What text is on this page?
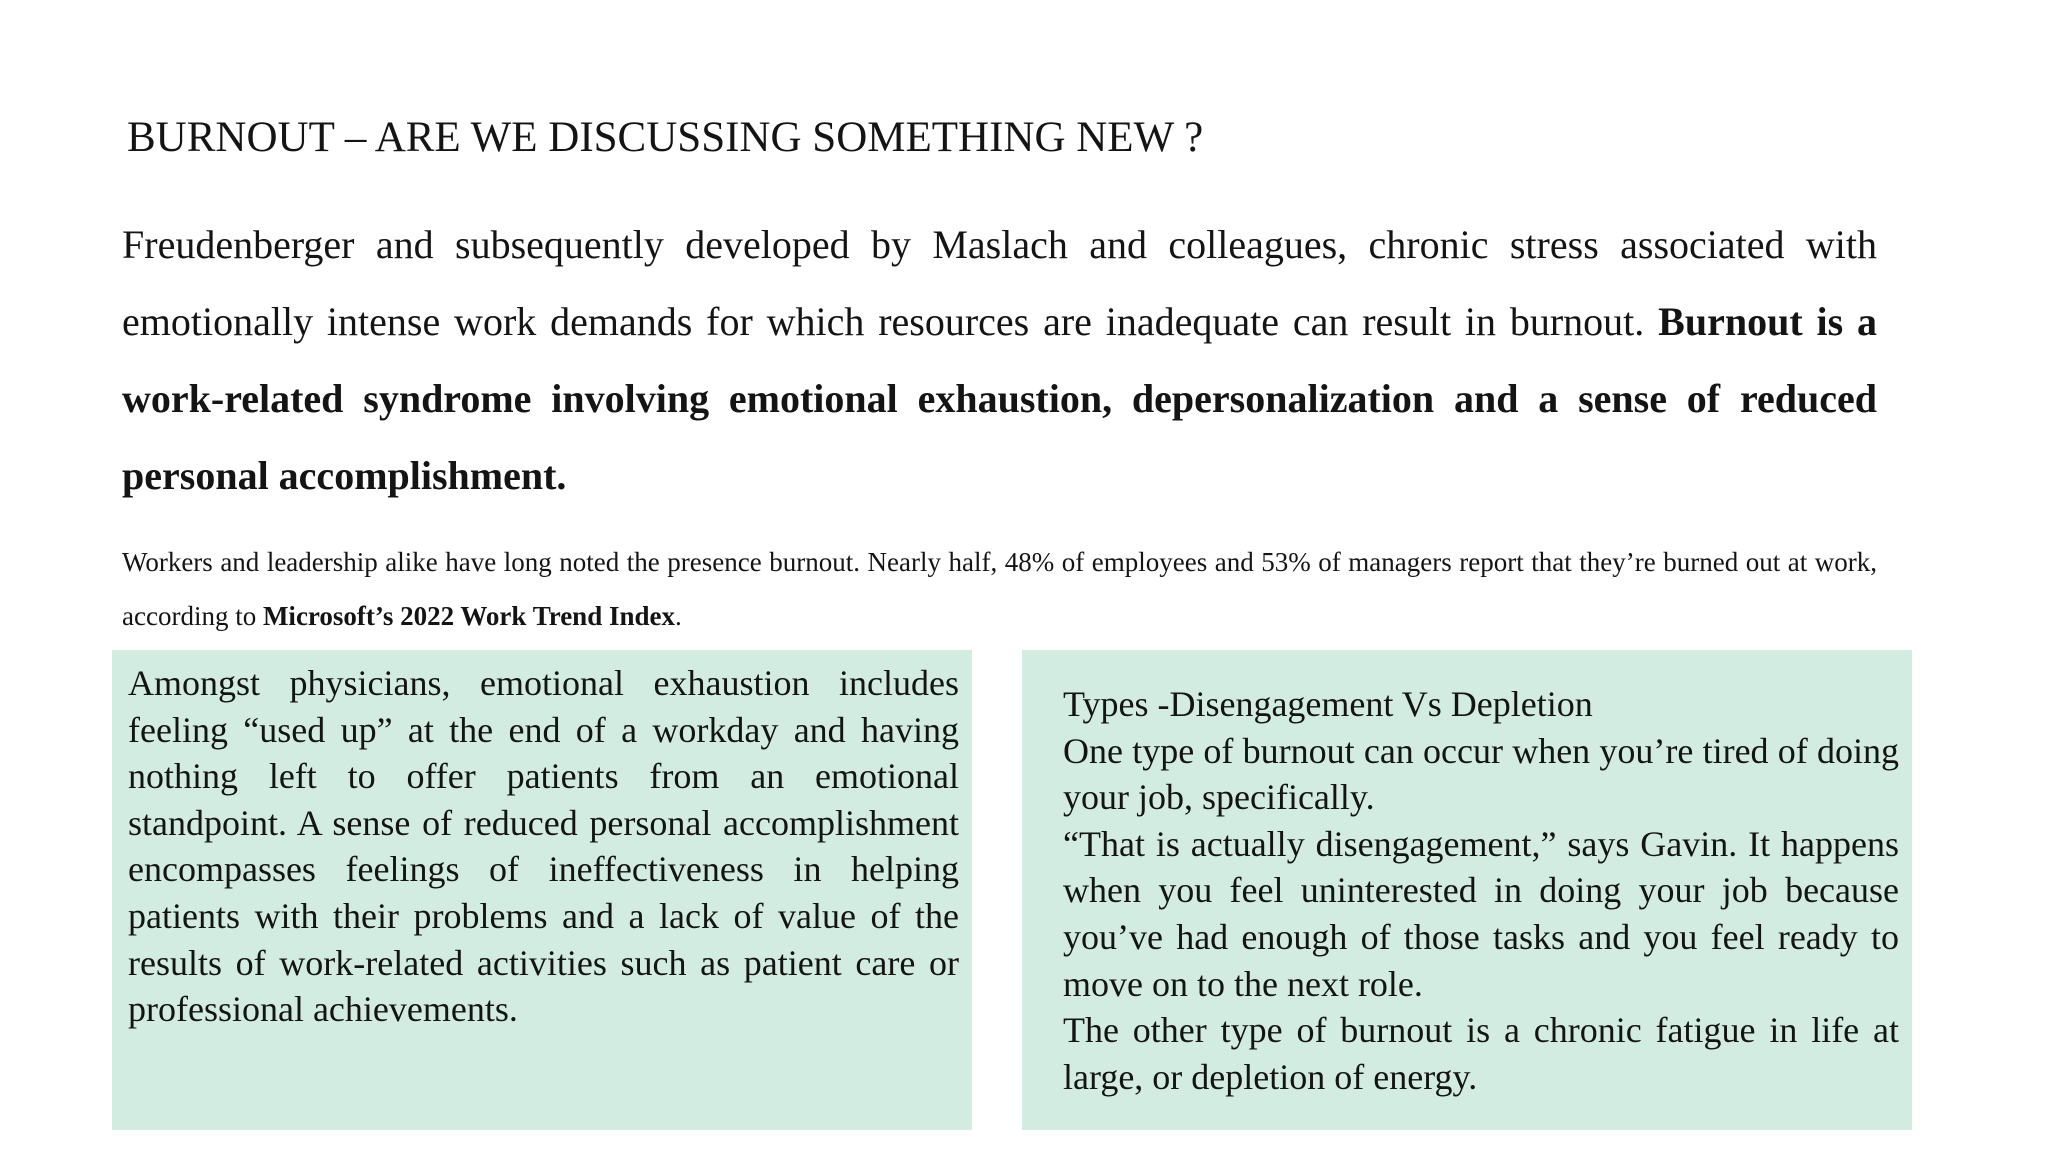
BURNOUT – ARE WE DISCUSSING SOMETHING NEW ?

Freudenberger and subsequently developed by Maslach and colleagues, chronic stress associated with emotionally intense work demands for which resources are inadequate can result in burnout. Burnout is a work-related syndrome involving emotional exhaustion, depersonalization and a sense of reduced personal accomplishment.

Workers and leadership alike have long noted the presence burnout. Nearly half, 48% of employees and 53% of managers report that they’re burned out at work, according to Microsoft’s 2022 Work Trend Index.

Amongst physicians, emotional exhaustion includes feeling “used up” at the end of a workday and having nothing left to offer patients from an emotional standpoint. A sense of reduced personal accomplishment encompasses feelings of ineffectiveness in helping patients with their problems and a lack of value of the results of work-related activities such as patient care or professional achievements.

Types -Disengagement Vs Depletion
One type of burnout can occur when you’re tired of doing your job, specifically.
“That is actually disengagement,” says Gavin. It happens when you feel uninterested in doing your job because you’ve had enough of those tasks and you feel ready to move on to the next role.
The other type of burnout is a chronic fatigue in life at large, or depletion of energy.
